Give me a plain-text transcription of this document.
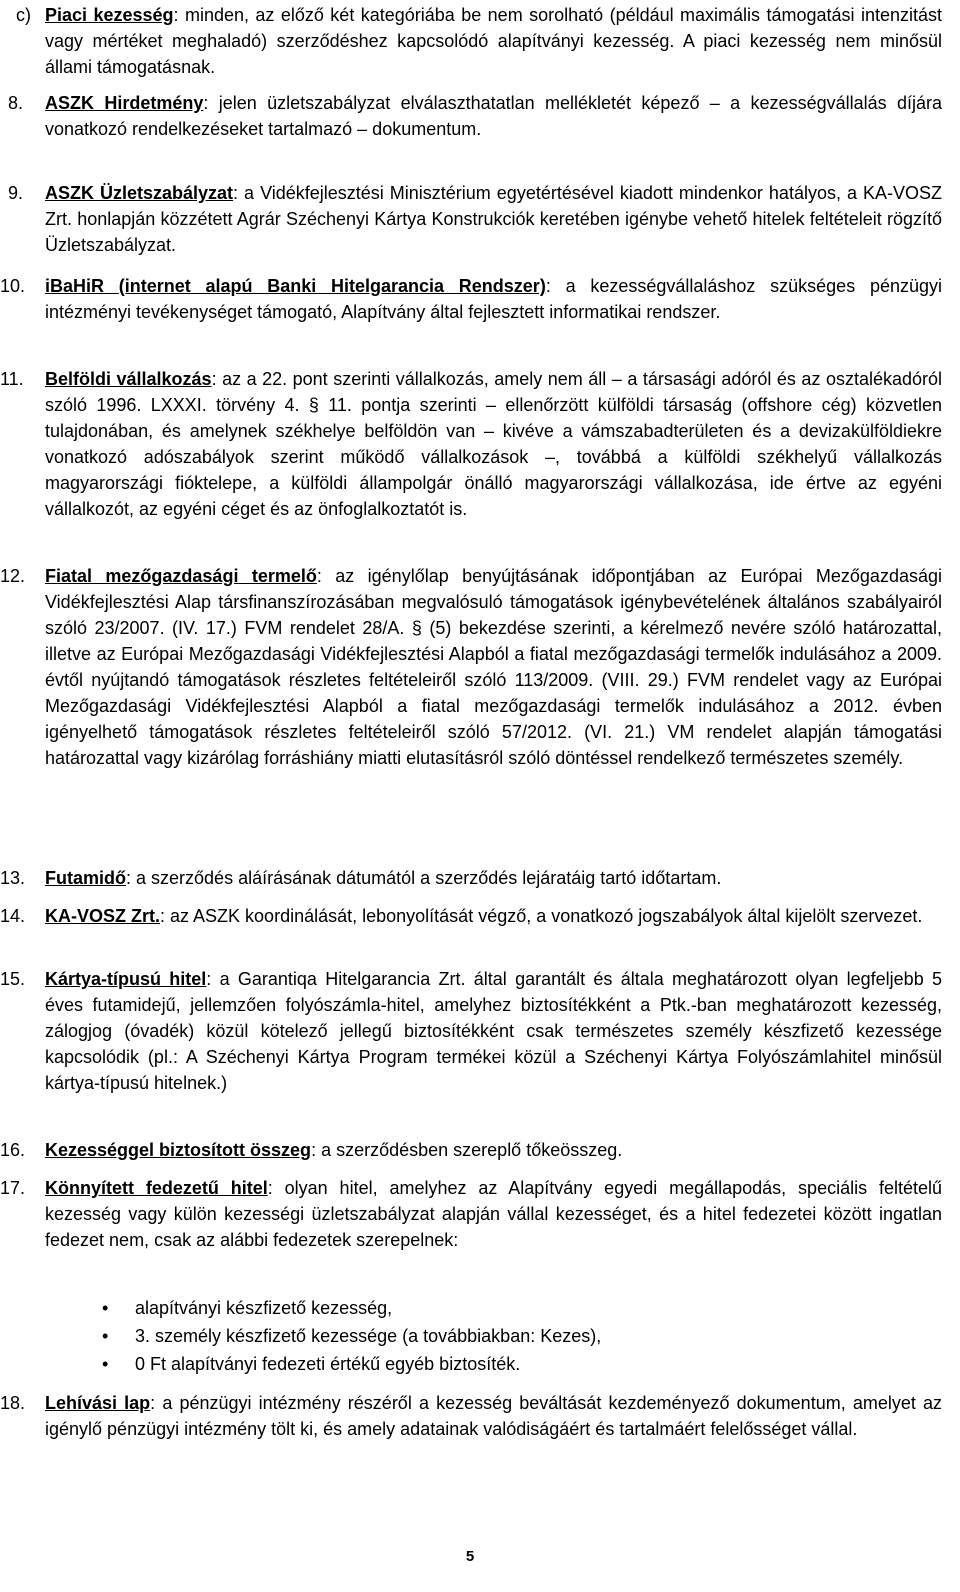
c) Piaci kezesség: minden, az előző két kategóriába be nem sorolható (például maximális támogatási intenzitást vagy mértéket meghaladó) szerződéshez kapcsolódó alapítványi kezesség. A piaci kezesség nem minősül állami támogatásnak.
8. ASZK Hirdetmény: jelen üzletszabályzat elválaszthatatlan mellékletét képező – a kezességvállalás díjára vonatkozó rendelkezéseket tartalmazó – dokumentum.
9. ASZK Üzletszabályzat: a Vidékfejlesztési Minisztérium egyetértésével kiadott mindenkor hatályos, a KA-VOSZ Zrt. honlapján közzétett Agrár Széchenyi Kártya Konstrukciók keretében igénybe vehető hitelek feltételeit rögzítő Üzletszabályzat.
10. iBaHiR (internet alapú Banki Hitelgarancia Rendszer): a kezességvállaláshoz szükséges pénzügyi intézményi tevékenységet támogató, Alapítvány által fejlesztett informatikai rendszer.
11. Belföldi vállalkozás: az a 22. pont szerinti vállalkozás, amely nem áll – a társasági adóról és az osztalékadóról szóló 1996. LXXXI. törvény 4. § 11. pontja szerinti – ellenőrzött külföldi társaság (offshore cég) közvetlen tulajdonában, és amelynek székhelye belföldön van – kivéve a vámszabadterületen és a devizakülföldiekre vonatkozó adószabályok szerint működő vállalkozások –, továbbá a külföldi székhelyű vállalkozás magyarországi fióktelepe, a külföldi állampolgár önálló magyarországi vállalkozása, ide értve az egyéni vállalkozót, az egyéni céget és az önfoglalkoztatót is.
12. Fiatal mezőgazdasági termelő: az igénylőlap benyújtásának időpontjában az Európai Mezőgazdasági Vidékfejlesztési Alap társfinanszírozásában megvalósuló támogatások igénybevételének általános szabályairól szóló 23/2007. (IV. 17.) FVM rendelet 28/A. § (5) bekezdése szerinti, a kérelmező nevére szóló határozattal, illetve az Európai Mezőgazdasági Vidékfejlesztési Alapból a fiatal mezőgazdasági termelők indulásához a 2009. évtől nyújtandó támogatások részletes feltételeiről szóló 113/2009. (VIII. 29.) FVM rendelet vagy az Európai Mezőgazdasági Vidékfejlesztési Alapból a fiatal mezőgazdasági termelők indulásához a 2012. évben igényelhető támogatások részletes feltételeiről szóló 57/2012. (VI. 21.) VM rendelet alapján támogatási határozattal vagy kizárólag forráshiány miatti elutasításról szóló döntéssel rendelkező természetes személy.
13. Futamidő: a szerződés aláírásának dátumától a szerződés lejáratáig tartó időtartam.
14. KA-VOSZ Zrt.: az ASZK koordinálását, lebonyolítását végző, a vonatkozó jogszabályok által kijelölt szervezet.
15. Kártya-típusú hitel: a Garantiqa Hitelgarancia Zrt. által garantált és általa meghatározott olyan legfeljebb 5 éves futamidejű, jellemzően folyószámla-hitel, amelyhez biztosítékként a Ptk.-ban meghatározott kezesség, zálogjog (óvadék) közül kötelező jellegű biztosítékként csak természetes személy készfizető kezessége kapcsolódik (pl.: A Széchenyi Kártya Program termékei közül a Széchenyi Kártya Folyószámlahitel minősül kártya-típusú hitelnek.)
16. Kezességgel biztosított összeg: a szerződésben szereplő tőkeösszeg.
17. Könnyített fedezetű hitel: olyan hitel, amelyhez az Alapítvány egyedi megállapodás, speciális feltételű kezesség vagy külön kezességi üzletszabályzat alapján vállal kezességet, és a hitel fedezetei között ingatlan fedezet nem, csak az alábbi fedezetek szerepelnek:
• alapítványi készfizető kezesség,
• 3. személy készfizető kezessége (a továbbiakban: Kezes),
• 0 Ft alapítványi fedezeti értékű egyéb biztosíték.
18. Lehívási lap: a pénzügyi intézmény részéről a kezesség beváltását kezdeményező dokumentum, amelyet az igénylő pénzügyi intézmény tölt ki, és amely adatainak valódiságáért és tartalmáért felelősséget vállal.
5
